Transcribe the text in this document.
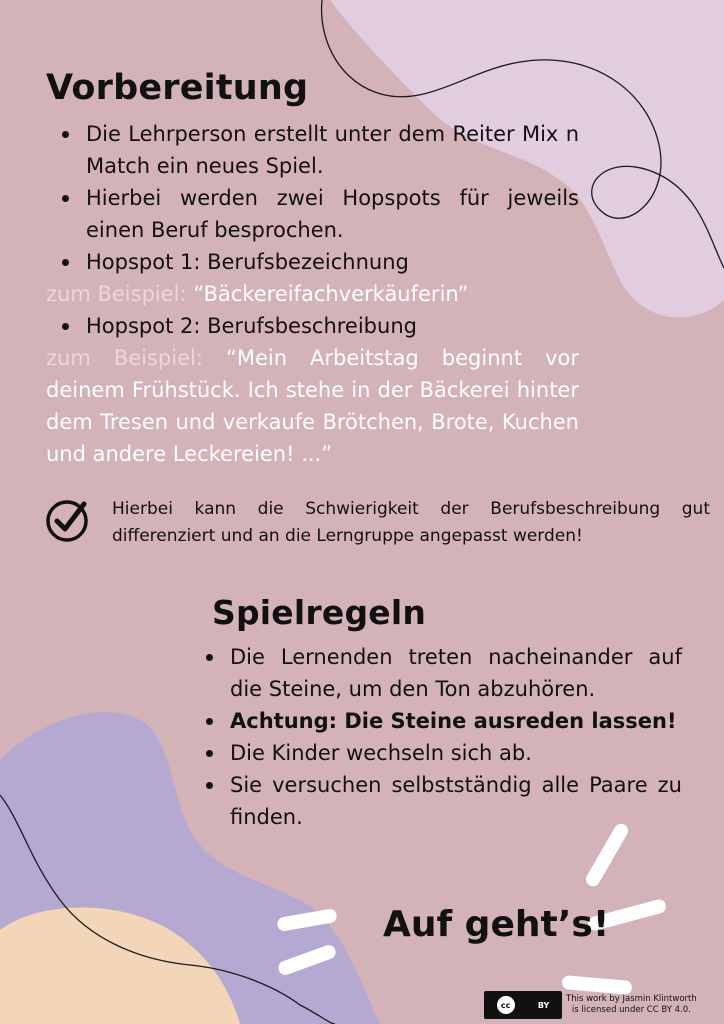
Vorbereitung
Die Lehrperson erstellt unter dem Reiter Mix n Match ein neues Spiel.
Hierbei werden zwei Hopspots für jeweils einen Beruf besprochen.
Hopspot 1: Berufsbezeichnung
zum Beispiel: “Bäckereifachverkäuferin”
Hopspot 2: Berufsbeschreibung
zum Beispiel: “Mein Arbeitstag beginnt vor deinem Frühstück. Ich stehe in der Bäckerei hinter dem Tresen und verkaufe Brötchen, Brote, Kuchen und andere Leckereien! ...”
Hierbei kann die Schwierigkeit der Berufsbeschreibung gut differenziert und an die Lerngruppe angepasst werden!
Spielregeln
Die Lernenden treten nacheinander auf die Steine, um den Ton abzuhören.
Achtung: Die Steine ausreden lassen!
Die Kinder wechseln sich ab.
Sie versuchen selbstständig alle Paare zu finden.
Auf geht’s!
cc	BY
This work by Jasmin Klintworth
is licensed under CC BY 4.0.
